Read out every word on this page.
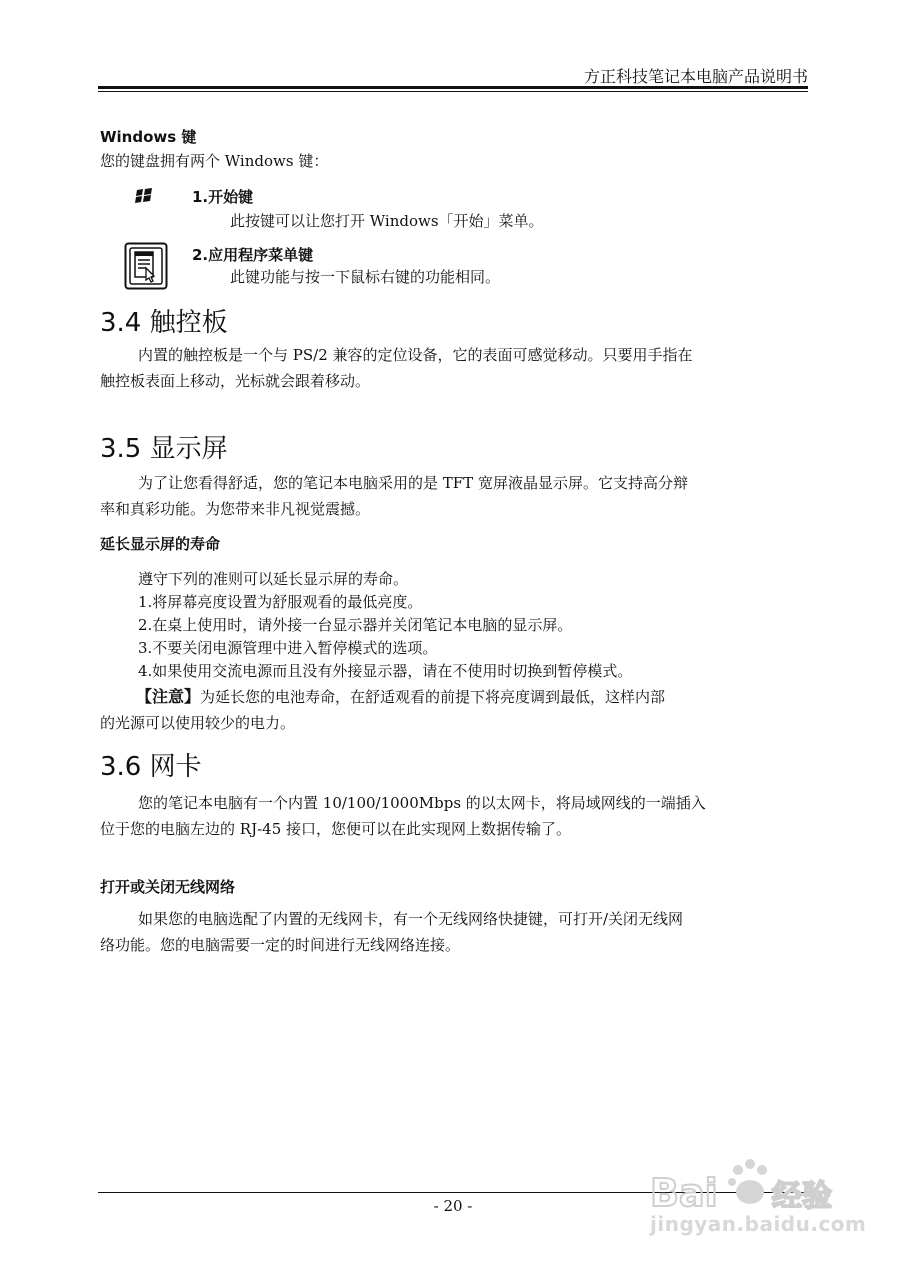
方正科技笔记本电脑产品说明书
Windows 键
您的键盘拥有两个 Windows 键：
1.开始键
此按键可以让您打开 Windows「开始」菜单。
2.应用程序菜单键
此键功能与按一下鼠标右键的功能相同。
3.4 触控板
内置的触控板是一个与 PS/2 兼容的定位设备，它的表面可感觉移动。只要用手指在
触控板表面上移动，光标就会跟着移动。
3.5 显示屏
为了让您看得舒适，您的笔记本电脑采用的是 TFT 宽屏液晶显示屏。它支持高分辩
率和真彩功能。为您带来非凡视觉震撼。
延长显示屏的寿命
遵守下列的准则可以延长显示屏的寿命。
1.将屏幕亮度设置为舒服观看的最低亮度。
2.在桌上使用时，请外接一台显示器并关闭笔记本电脑的显示屏。
3.不要关闭电源管理中进入暂停模式的选项。
4.如果使用交流电源而且没有外接显示器，请在不使用时切换到暂停模式。
【注意】为延长您的电池寿命，在舒适观看的前提下将亮度调到最低，这样内部
的光源可以使用较少的电力。
3.6 网卡
您的笔记本电脑有一个内置 10/100/1000Mbps 的以太网卡，将局域网线的一端插入
位于您的电脑左边的 RJ-45 接口，您便可以在此实现网上数据传输了。
打开或关闭无线网络
如果您的电脑选配了内置的无线网卡，有一个无线网络快捷键，可打开/关闭无线网
络功能。您的电脑需要一定的时间进行无线网络连接。
- 20 -	Bai 经验
jingyan.baidu.com
